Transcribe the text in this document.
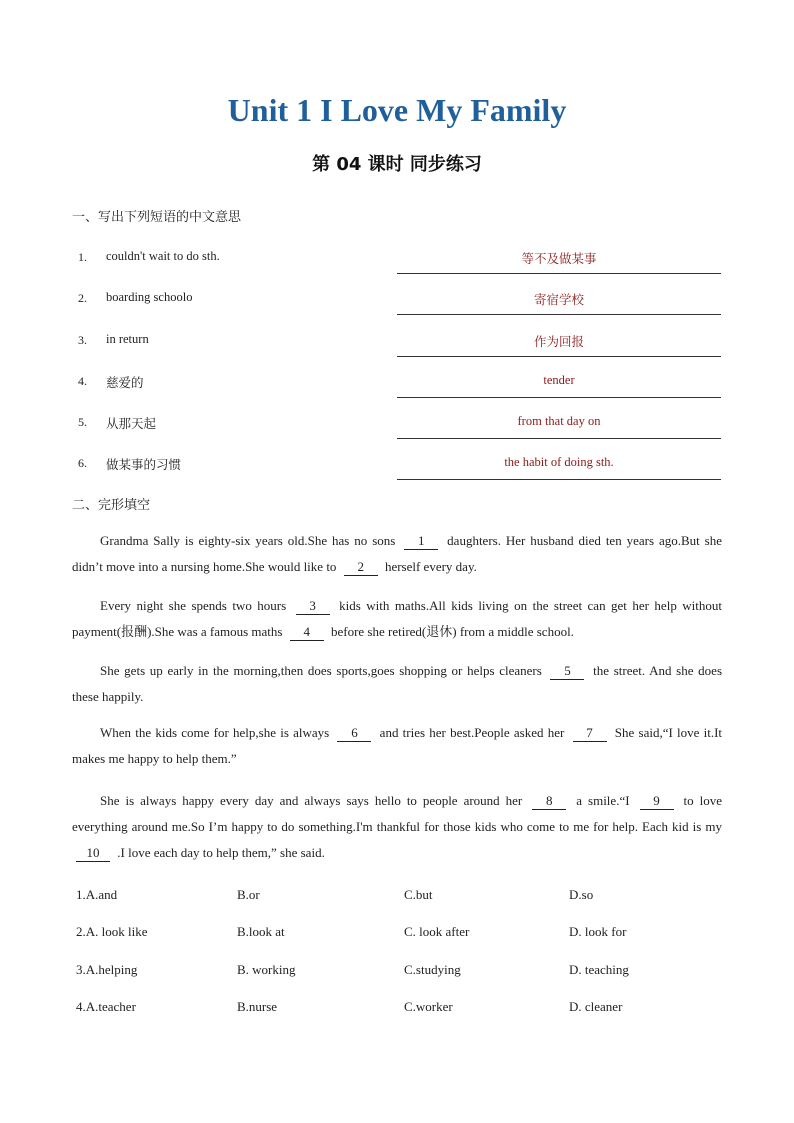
Unit 1 I Love My Family
第 04 课时 同步练习
一、写出下列短语的中文意思
1. couldn't wait to do sth.	等不及做某事
2. boarding schoolo	寄宿学校
3. in return	作为回报
4. 慈爱的	tender
5. 从那天起	from that day on
6. 做某事的习惯	the habit of doing sth.
二、完形填空
Grandma Sally is eighty-six years old.She has no sons 1 daughters. Her husband died ten years ago.But she didn’t move into a nursing home.She would like to 2 herself every day.
Every night she spends two hours 3 kids with maths.All kids living on the street can get her help without payment(报酬).She was a famous maths 4 before she retired(退休) from a middle school.
She gets up early in the morning,then does sports,goes shopping or helps cleaners 5 the street. And she does these happily.
When the kids come for help,she is always 6 and tries her best.People asked her 7 She said,“I love it.It makes me happy to help them.”
She is always happy every day and always says hello to people around her 8 a smile.“I 9 to love everything around me.So I’m happy to do something.I'm thankful for those kids who come to me for help. Each kid is my 10 .I love each day to help them,” she said.
1.A.and	B.or	C.but	D.so
2.A. look like	B.look at	C. look after	D. look for
3.A.helping	B. working	C.studying	D. teaching
4.A.teacher	B.nurse	C.worker	D. cleaner
